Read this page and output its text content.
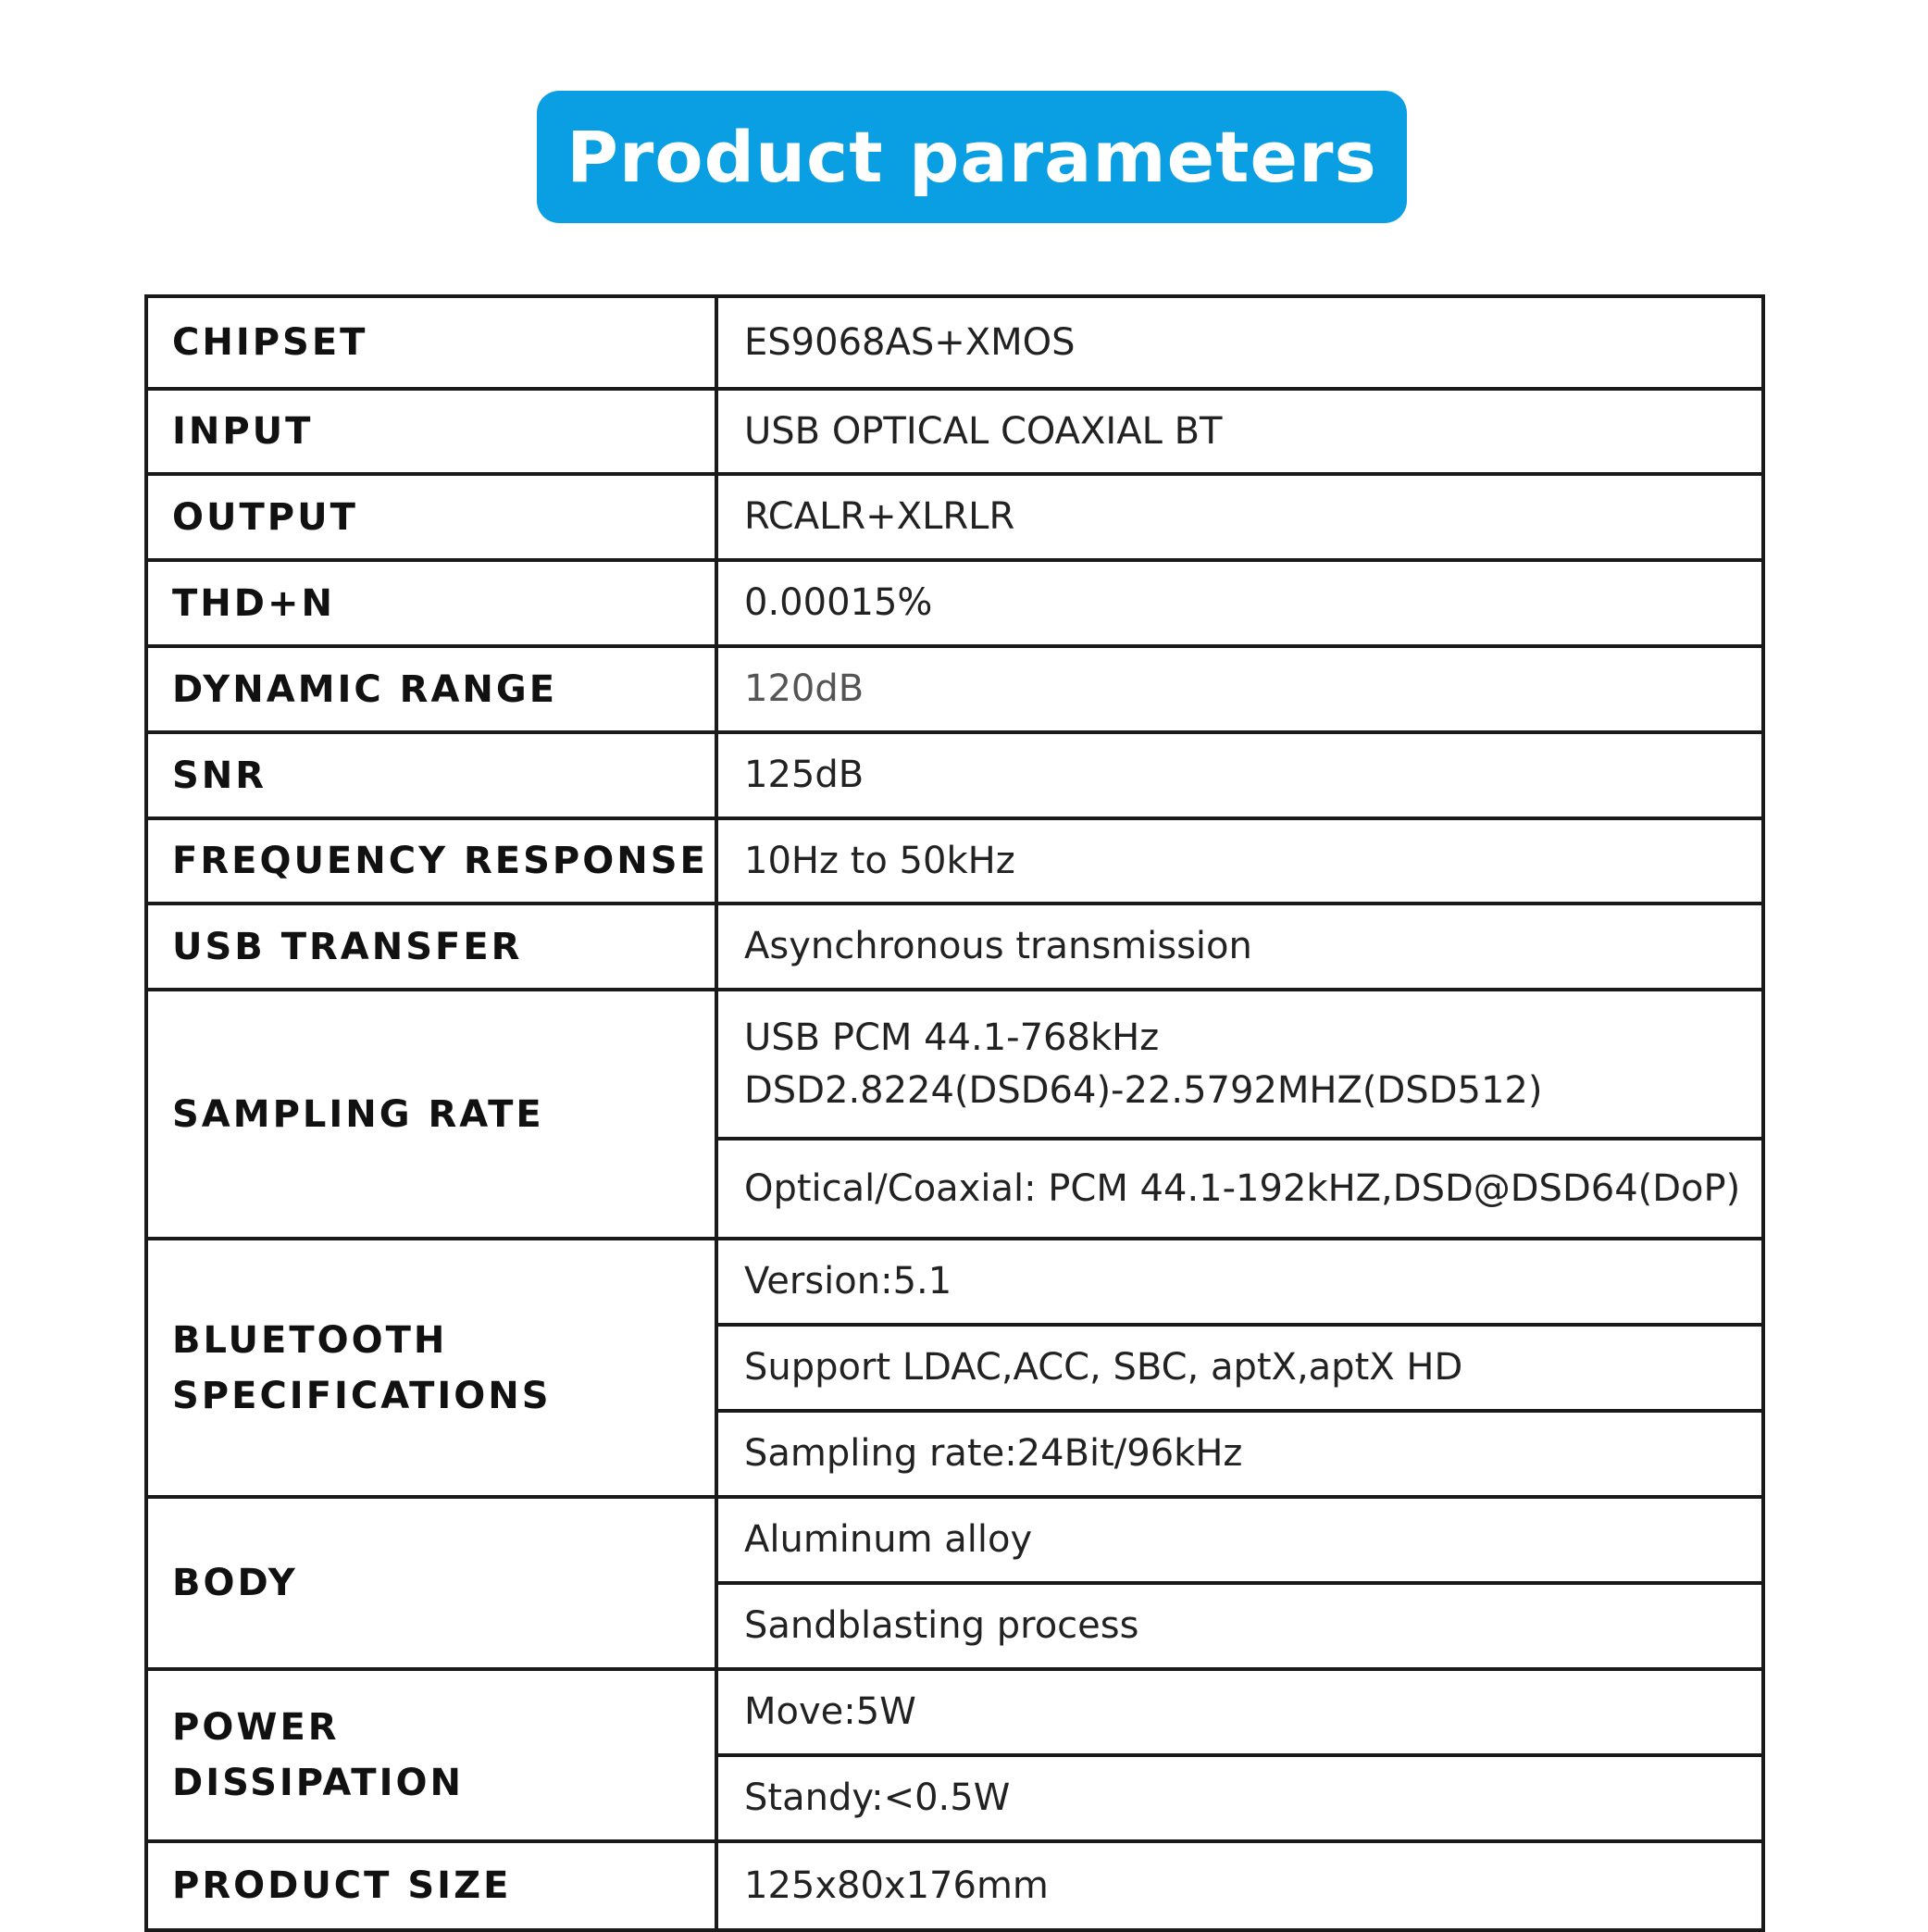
Product parameters
CHIPSET	ES9068AS+XMOS
INPUT	USB OPTICAL COAXIAL BT
OUTPUT	RCALR+XLRLR
THD+N	0.00015%
DYNAMIC RANGE	120dB
SNR	125dB
FREQUENCY RESPONSE	10Hz to 50kHz
USB TRANSFER	Asynchronous transmission
SAMPLING RATE	USB PCM 44.1-768kHz
DSD2.8224(DSD64)-22.5792MHZ(DSD512)

	Optical/Coaxial: PCM 44.1-192kHZ,DSD@DSD64(DoP)

BLUETOOTH
SPECIFICATIONS	Version:5.1
	Support LDAC,ACC, SBC, aptX,aptX HD
	Sampling rate:24Bit/96kHz
BODY	Aluminum alloy
	Sandblasting process

POWER
DISSIPATION	Move:5W
	Standy:<0.5W
PRODUCT SIZE	125x80x176mm
